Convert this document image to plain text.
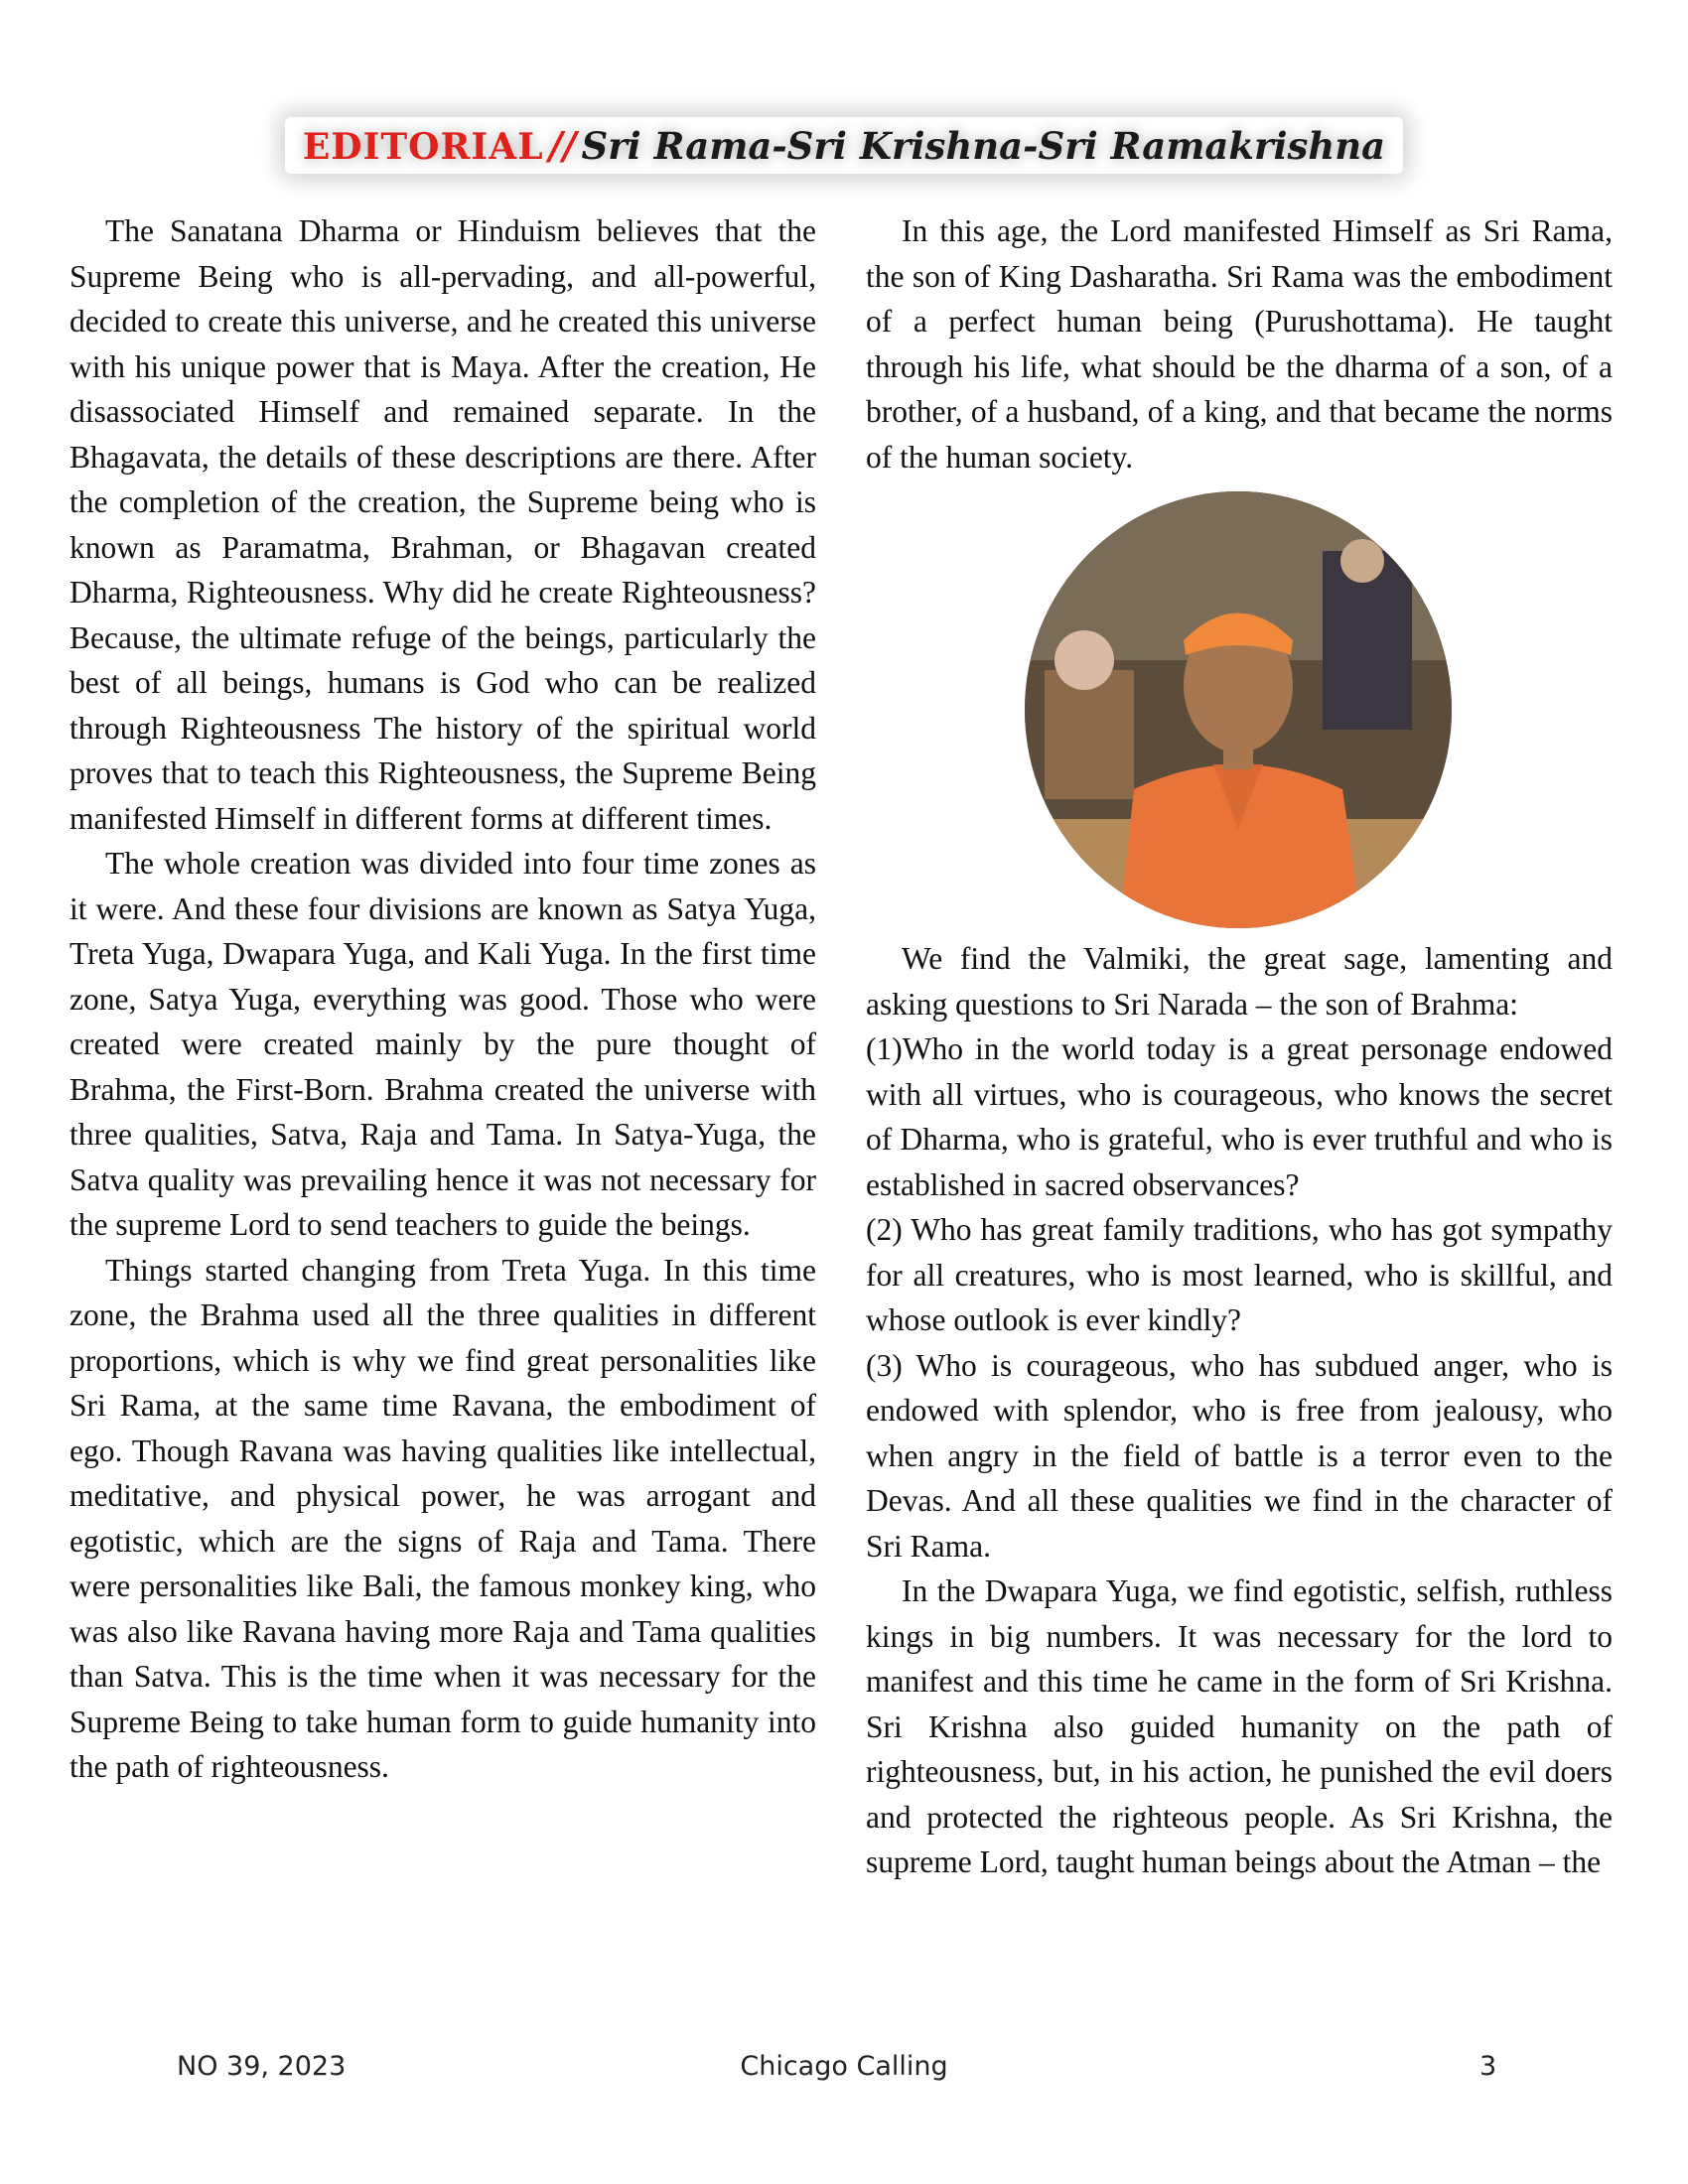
EDITORIAL // Sri Rama-Sri Krishna-Sri Ramakrishna

The Sanatana Dharma or Hinduism believes that the Supreme Being who is all-pervading, and all-powerful, decided to create this universe, and he created this universe with his unique power that is Maya. After the creation, He disassociated Himself and remained separate. In the Bhagavata, the details of these descriptions are there. After the completion of the creation, the Supreme being who is known as Paramatma, Brahman, or Bhagavan created Dharma, Righteousness. Why did he create Righteousness? Because, the ultimate refuge of the beings, particularly the best of all beings, humans is God who can be realized through Righteousness The history of the spiritual world proves that to teach this Righteousness, the Supreme Being manifested Himself in different forms at different times.

The whole creation was divided into four time zones as it were. And these four divisions are known as Satya Yuga, Treta Yuga, Dwapara Yuga, and Kali Yuga. In the first time zone, Satya Yuga, everything was good. Those who were created were created mainly by the pure thought of Brahma, the First-Born. Brahma created the universe with three qualities, Satva, Raja and Tama. In Satya-Yuga, the Satva quality was prevailing hence it was not necessary for the supreme Lord to send teachers to guide the beings.

Things started changing from Treta Yuga. In this time zone, the Brahma used all the three qualities in different proportions, which is why we find great personalities like Sri Rama, at the same time Ravana, the embodiment of ego. Though Ravana was having qualities like intellectual, meditative, and physical power, he was arrogant and egotistic, which are the signs of Raja and Tama. There were personalities like Bali, the famous monkey king, who was also like Ravana having more Raja and Tama qualities than Satva. This is the time when it was necessary for the Supreme Being to take human form to guide humanity into the path of righteousness.

In this age, the Lord manifested Himself as Sri Rama, the son of King Dasharatha. Sri Rama was the embodiment of a perfect human being (Purushottama). He taught through his life, what should be the dharma of a son, of a brother, of a husband, of a king, and that became the norms of the human society.

We find the Valmiki, the great sage, lamenting and asking questions to Sri Narada – the son of Brahma:

(1)Who in the world today is a great personage endowed with all virtues, who is courageous, who knows the secret of Dharma, who is grateful, who is ever truthful and who is established in sacred observances?

(2) Who has great family traditions, who has got sympathy for all creatures, who is most learned, who is skillful, and whose outlook is ever kindly?

(3) Who is courageous, who has subdued anger, who is endowed with splendor, who is free from jealousy, who when angry in the field of battle is a terror even to the Devas. And all these qualities we find in the character of Sri Rama.

In the Dwapara Yuga, we find egotistic, selfish, ruthless kings in big numbers. It was necessary for the lord to manifest and this time he came in the form of Sri Krishna. Sri Krishna also guided humanity on the path of righteousness, but, in his action, he punished the evil doers and protected the righteous people. As Sri Krishna, the supreme Lord, taught human beings about the Atman – the

NO 39, 2023	Chicago Calling	3
